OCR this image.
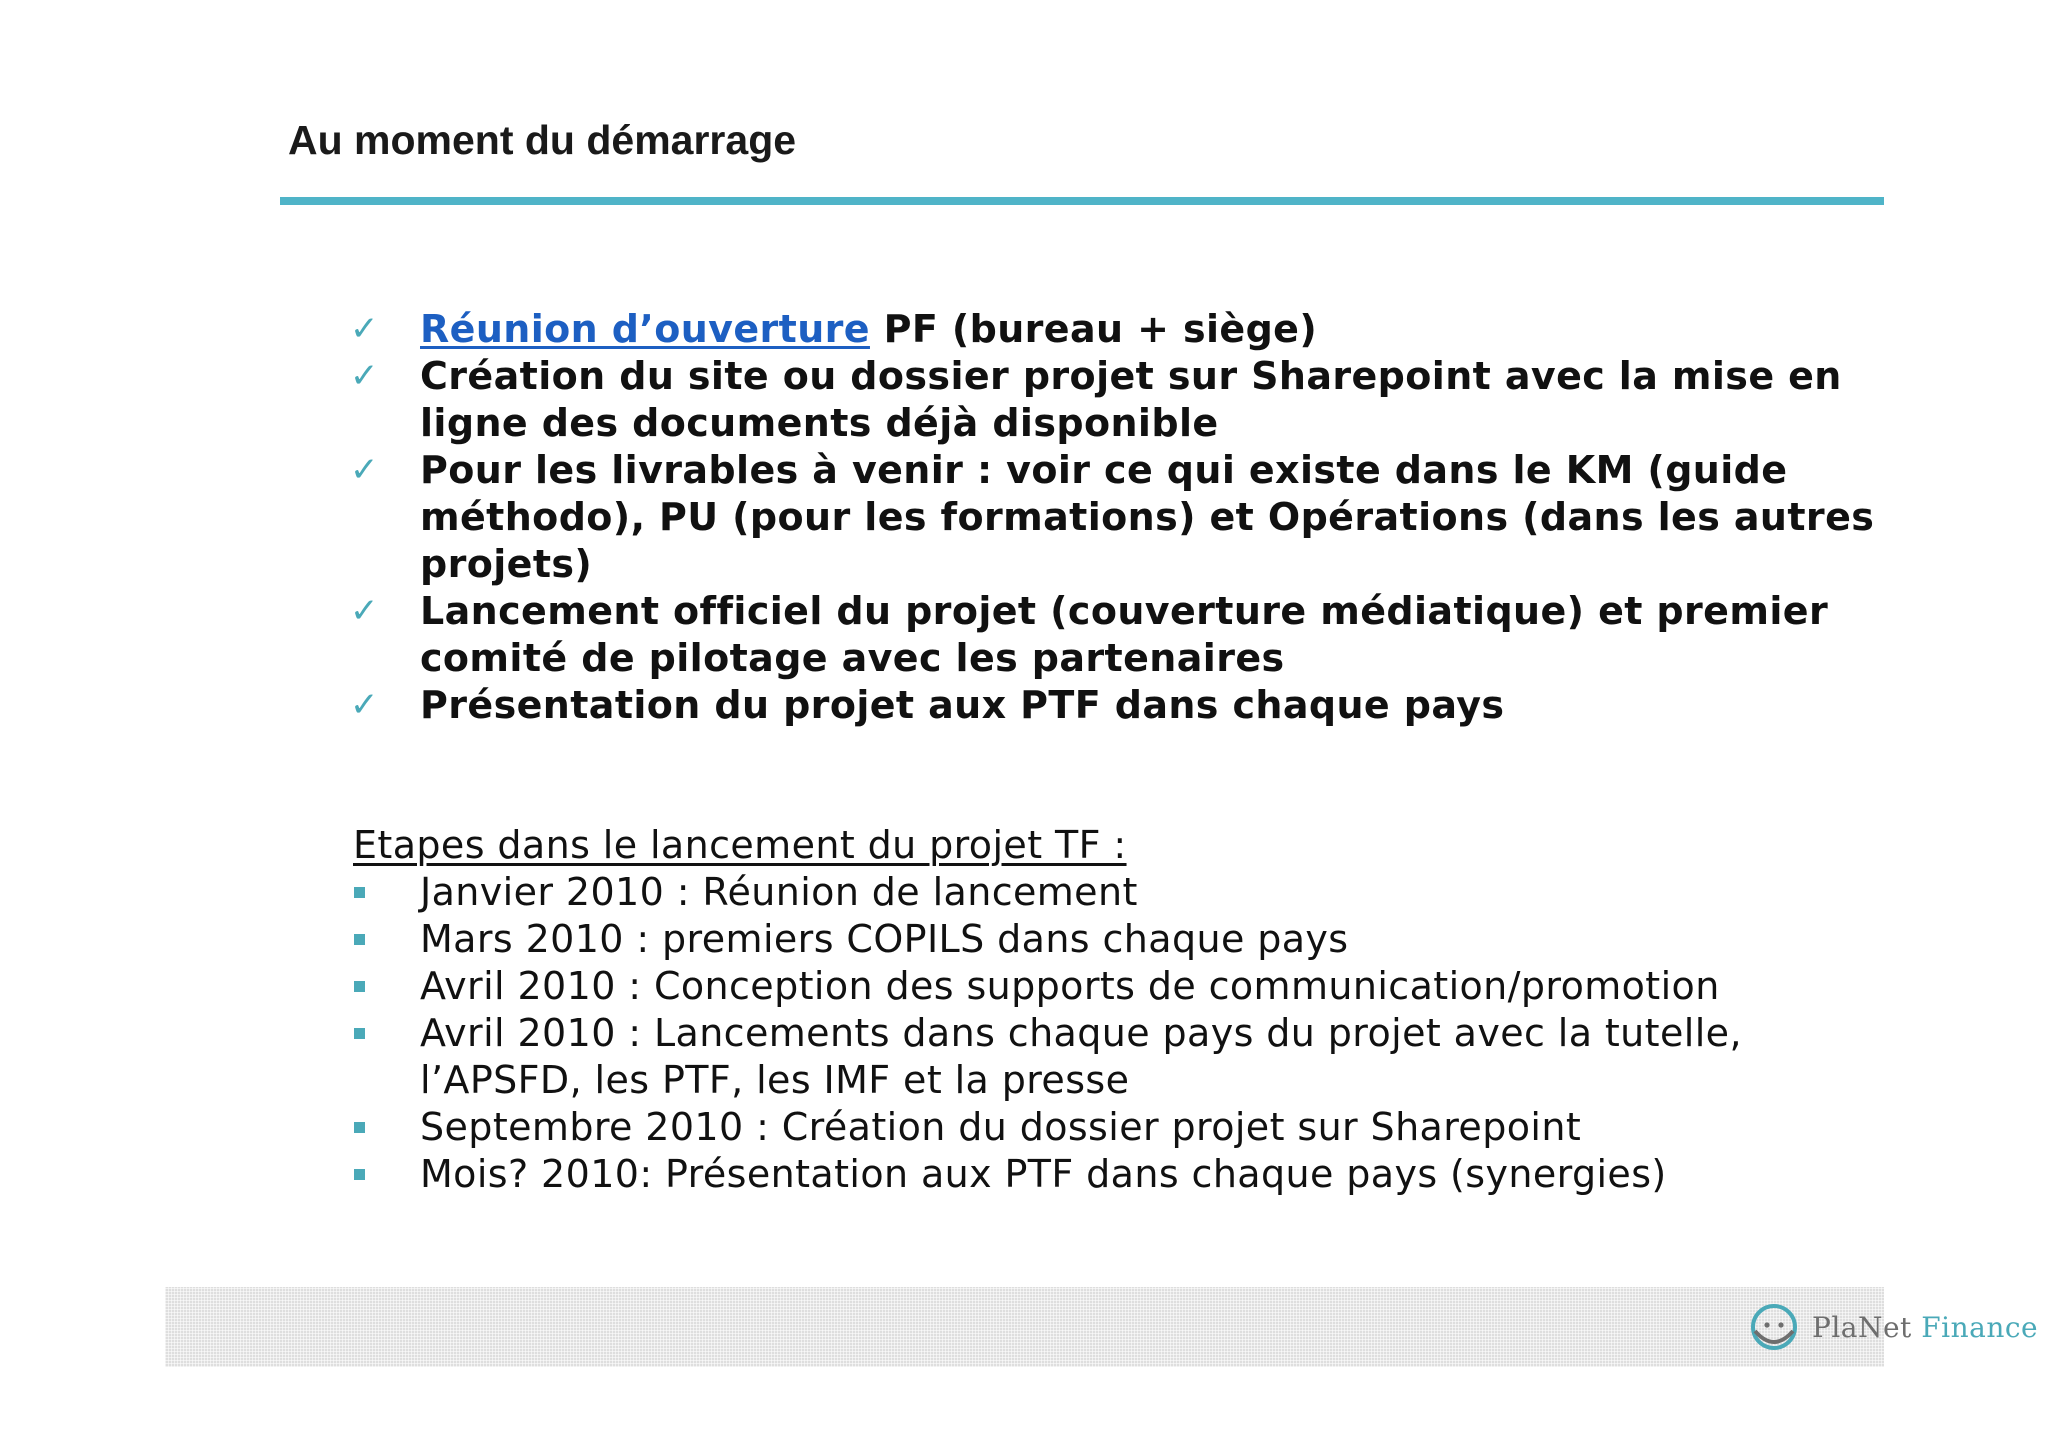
Au moment du démarrage
✓ Réunion d’ouverture PF (bureau + siège)
✓ Création du site ou dossier projet sur Sharepoint avec la mise en
ligne des documents déjà disponible
✓ Pour les livrables à venir : voir ce qui existe dans le KM (guide
méthodo), PU (pour les formations) et Opérations (dans les autres
projets)
✓ Lancement officiel du projet (couverture médiatique) et premier
comité de pilotage avec les partenaires
✓ Présentation du projet aux PTF dans chaque pays
Etapes dans le lancement du projet TF :
Janvier 2010 : Réunion de lancement
Mars 2010 : premiers COPILS dans chaque pays
Avril 2010 : Conception des supports de communication/promotion
Avril 2010 : Lancements dans chaque pays du projet avec la tutelle,
l’APSFD, les PTF, les IMF et la presse
Septembre 2010 : Création du dossier projet sur Sharepoint
Mois? 2010: Présentation aux PTF dans chaque pays (synergies)
PlaNet Finance
